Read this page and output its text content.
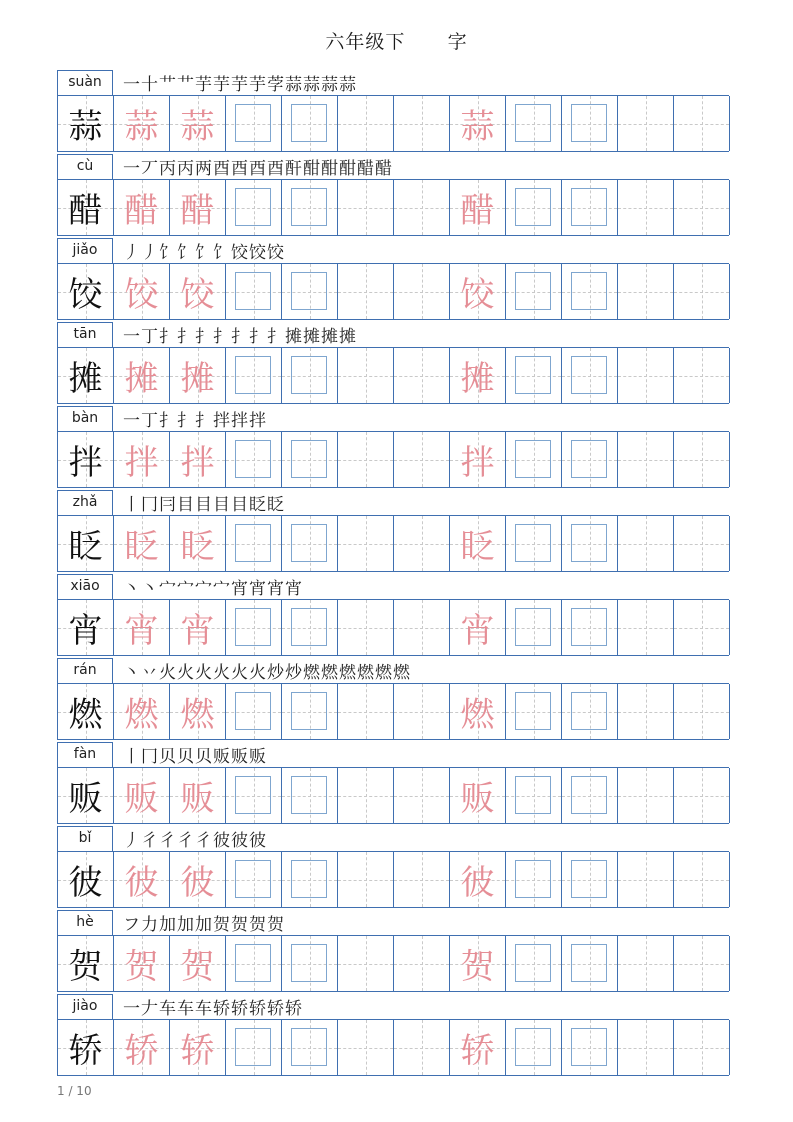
六年级下      字
suàn	一 十 艹 艹 芋 芋 芋 芋 茡 蒜 蒜 蒜 蒜
蒜 蒜 蒜	蒜
cù	一 丆 丙 丙 两 酉 酉 酉 酉 酐 酣 酣 酣 醋 醋
醋 醋 醋	醋
jiǎo	丿 丿 饣 饣 饣 饣 饺 饺 饺
饺 饺 饺	饺
tān	一 丁 扌 扌 扌 扌 扌 扌 扌 摊 摊 摊 摊
摊 摊 摊	摊
bàn	一 丁 扌 扌 扌 拌 拌 拌
拌 拌 拌	拌
zhǎ	丨 冂 冃 目 目 目 目 眨 眨
眨 眨 眨	眨
xiāo	丶 丶 宀 宀 宀 宀 宵 宵 宵 宵
宵 宵 宵	宵
rán	丶 丷 火 火 火 火 火 火 炒 炒 燃 燃 燃 燃 燃 燃
燃 燃 燃	燃
fàn	丨 冂 贝 贝 贝 贩 贩 贩
贩 贩 贩	贩
bǐ	丿 彳 彳 彳 彳 彼 彼 彼
彼 彼 彼	彼
hè	フ 力 加 加 加 贺 贺 贺 贺
贺 贺 贺	贺
jiào	一 𠂇 车 车 车 轿 轿 轿 轿 轿
轿 轿 轿	轿
1 / 10
